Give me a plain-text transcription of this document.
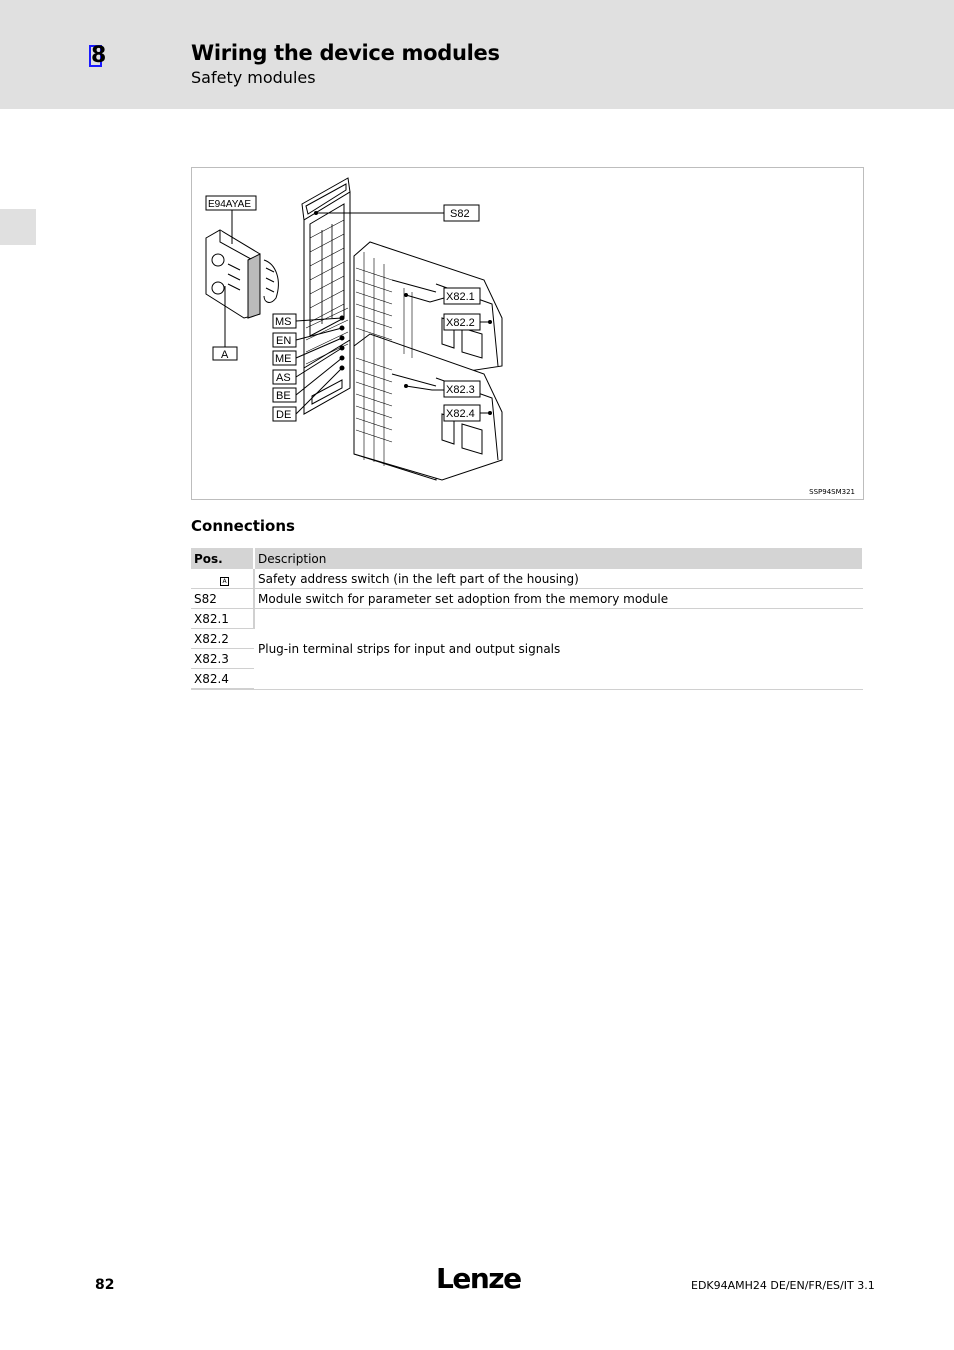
8	Wiring the device modules
Safety modules
E94AYAE
A
S82
X82.1
X82.2
X82.3
X82.4
MS
EN
ME
AS
BE
DE
SSP94SM321
Connections
Pos.	Description
A	Safety address switch (in the left part of the housing)
S82	Module switch for parameter set adoption from the memory module
X82.1	Plug-in terminal strips for input and output signals
X82.2	
X82.3	
X82.4	
82	Lenze	EDK94AMH24 DE/EN/FR/ES/IT 3.1
